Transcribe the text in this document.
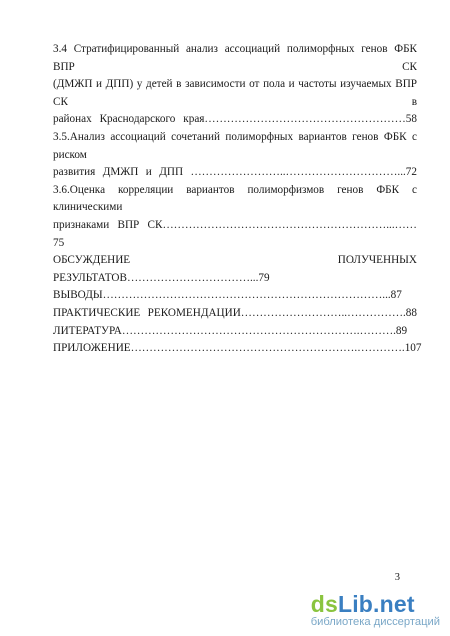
3.4 Стратифицированный анализ ассоциаций полиморфных генов ФБК ВПР СК

(ДМЖП и ДПП) у детей в зависимости от пола и частоты изучаемых ВПР СК в

районах Краснодарского края………………………………………………58

3.5.Анализ ассоциаций сочетаний полиморфных вариантов генов ФБК с риском

развития ДМЖП и ДПП ……………………..…………………………...72

3.6.Оценка корреляции вариантов полиморфизмов генов ФБК с клиническими

признаками ВПР СК……………………………………………………...……75

ОБСУЖДЕНИЕ ПОЛУЧЕННЫХ РЕЗУЛЬТАТОВ……………………………...79

ВЫВОДЫ…………………………………………………………………...87

ПРАКТИЧЕСКИЕ РЕКОМЕНДАЦИИ………………………..…………….88

ЛИТЕРАТУРА……………………………………………………….……….89

ПРИЛОЖЕНИЕ…………………………………………………….………….107

3
dsLib.net
библиотека диссертаций
